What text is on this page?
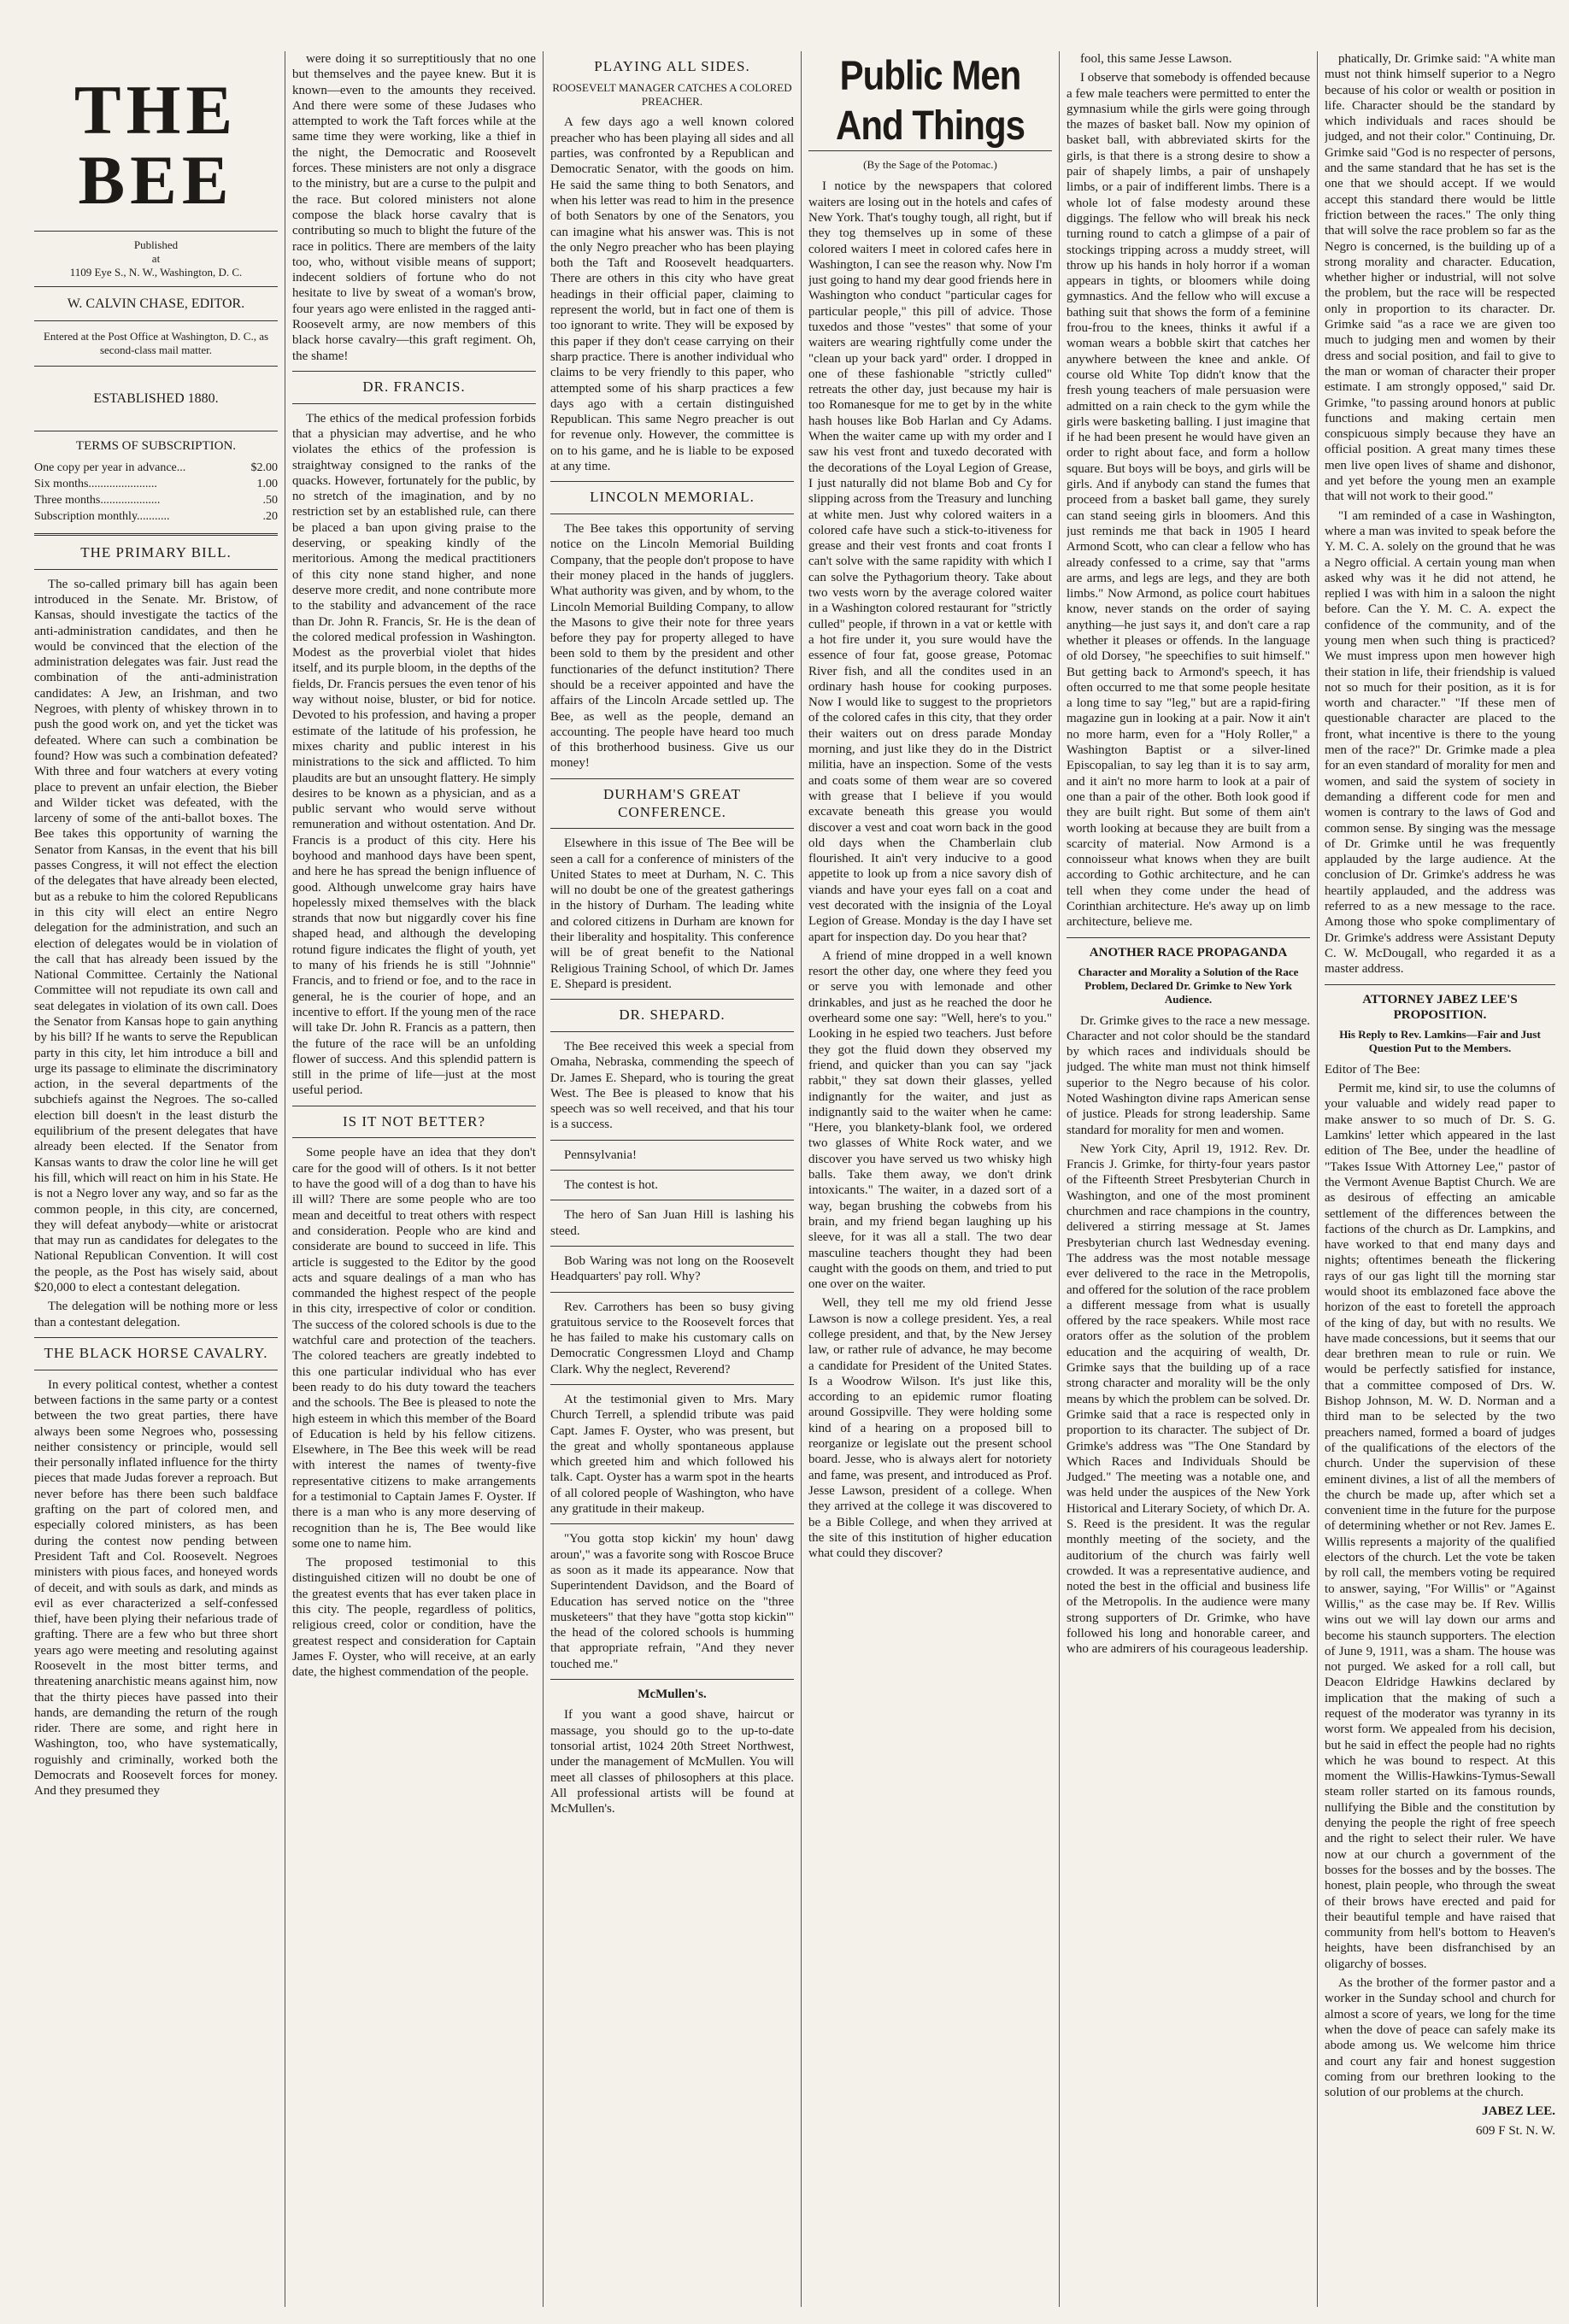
THE BEE
Published
at
1109 Eye S., N. W., Washington, D. C.
W. CALVIN CHASE, EDITOR.
Entered at the Post Office at Washington, D. C., as second-class mail matter.
ESTABLISHED 1880.
TERMS OF SUBSCRIPTION.
One copy per year in advance...	$2.00
Six months.......................	1.00
Three months....................	.50
Subscription monthly...........	.20
THE PRIMARY BILL.

The so-called primary bill has again been introduced in the Senate. Mr. Bristow, of Kansas, should investigate the tactics of the anti-administration candidates, and then he would be convinced that the election of the administration delegates was fair. Just read the combination of the anti-administration candidates: A Jew, an Irishman, and two Negroes, with plenty of whiskey thrown in to push the good work on, and yet the ticket was defeated. Where can such a combination be found? How was such a combination defeated? With three and four watchers at every voting place to prevent an unfair election, the Bieber and Wilder ticket was defeated, with the larceny of some of the anti-ballot boxes. The Bee takes this opportunity of warning the Senator from Kansas, in the event that his bill passes Congress, it will not effect the election of the delegates that have already been elected, but as a rebuke to him the colored Republicans in this city will elect an entire Negro delegation for the administration, and such an election of delegates would be in violation of the call that has already been issued by the National Committee. Certainly the National Committee will not repudiate its own call and seat delegates in violation of its own call. Does the Senator from Kansas hope to gain anything by his bill? If he wants to serve the Republican party in this city, let him introduce a bill and urge its passage to eliminate the discriminatory action, in the several departments of the subchiefs against the Negroes. The so-called election bill doesn't in the least disturb the equilibrium of the present delegates that have already been elected. If the Senator from Kansas wants to draw the color line he will get his fill, which will react on him in his State. He is not a Negro lover any way, and so far as the common people, in this city, are concerned, they will defeat anybody—white or aristocrat that may run as candidates for delegates to the National Republican Convention. It will cost the people, as the Post has wisely said, about $20,000 to elect a contestant delegation.

The delegation will be nothing more or less than a contestant delegation.

THE BLACK HORSE CAVALRY.

In every political contest, whether a contest between factions in the same party or a contest between the two great parties, there have always been some Negroes who, possessing neither consistency or principle, would sell their personally inflated influence for the thirty pieces that made Judas forever a reproach. But never before has there been such baldface grafting on the part of colored men, and especially colored ministers, as has been during the contest now pending between President Taft and Col. Roosevelt. Negroes ministers with pious faces, and honeyed words of deceit, and with souls as dark, and minds as evil as ever characterized a self-confessed thief, have been plying their nefarious trade of grafting. There are a few who but three short years ago were meeting and resoluting against Roosevelt in the most bitter terms, and threatening anarchistic means against him, now that the thirty pieces have passed into their hands, are demanding the return of the rough rider. There are some, and right here in Washington, too, who have systematically, roguishly and criminally, worked both the Democrats and Roosevelt forces for money. And they presumed they

were doing it so surreptitiously that no one but themselves and the payee knew. But it is known—even to the amounts they received. And there were some of these Judases who attempted to work the Taft forces while at the same time they were working, like a thief in the night, the Democratic and Roosevelt forces. These ministers are not only a disgrace to the ministry, but are a curse to the pulpit and the race. But colored ministers not alone compose the black horse cavalry that is contributing so much to blight the future of the race in politics. There are members of the laity too, who, without visible means of support; indecent soldiers of fortune who do not hesitate to live by sweat of a woman's brow, four years ago were enlisted in the ragged anti-Roosevelt army, are now members of this black horse cavalry—this graft regiment. Oh, the shame!

DR. FRANCIS.

The ethics of the medical profession forbids that a physician may advertise, and he who violates the ethics of the profession is straightway consigned to the ranks of the quacks. However, fortunately for the public, by no stretch of the imagination, and by no restriction set by an established rule, can there be placed a ban upon giving praise to the deserving, or speaking kindly of the meritorious. Among the medical practitioners of this city none stand higher, and none deserve more credit, and none contribute more to the stability and advancement of the race than Dr. John R. Francis, Sr. He is the dean of the colored medical profession in Washington. Modest as the proverbial violet that hides itself, and its purple bloom, in the depths of the fields, Dr. Francis persues the even tenor of his way without noise, bluster, or bid for notice. Devoted to his profession, and having a proper estimate of the latitude of his profession, he mixes charity and public interest in his ministrations to the sick and afflicted. To him plaudits are but an unsought flattery. He simply desires to be known as a physician, and as a public servant who would serve without remuneration and without ostentation. And Dr. Francis is a product of this city. Here his boyhood and manhood days have been spent, and here he has spread the benign influence of good. Although unwelcome gray hairs have hopelessly mixed themselves with the black strands that now but niggardly cover his fine shaped head, and although the developing rotund figure indicates the flight of youth, yet to many of his friends he is still "Johnnie" Francis, and to friend or foe, and to the race in general, he is the courier of hope, and an incentive to effort. If the young men of the race will take Dr. John R. Francis as a pattern, then the future of the race will be an unfolding flower of success. And this splendid pattern is still in the prime of life—just at the most useful period.

IS IT NOT BETTER?

Some people have an idea that they don't care for the good will of others. Is it not better to have the good will of a dog than to have his ill will? There are some people who are too mean and deceitful to treat others with respect and consideration. People who are kind and considerate are bound to succeed in life. This article is suggested to the Editor by the good acts and square dealings of a man who has commanded the highest respect of the people in this city, irrespective of color or condition. The success of the colored schools is due to the watchful care and protection of the teachers. The colored teachers are greatly indebted to this one particular individual who has ever been ready to do his duty toward the teachers and the schools. The Bee is pleased to note the high esteem in which this member of the Board of Education is held by his fellow citizens. Elsewhere, in The Bee this week will be read with interest the names of twenty-five representative citizens to make arrangements for a testimonial to Captain James F. Oyster. If there is a man who is any more deserving of recognition than he is, The Bee would like some one to name him.

The proposed testimonial to this distinguished citizen will no doubt be one of the greatest events that has ever taken place in this city. The people, regardless of politics, religious creed, color or condition, have the greatest respect and consideration for Captain James F. Oyster, who will receive, at an early date, the highest commendation of the people.

PLAYING ALL SIDES.
ROOSEVELT MANAGER CATCHES A COLORED PREACHER.

A few days ago a well known colored preacher who has been playing all sides and all parties, was confronted by a Republican and Democratic Senator, with the goods on him. He said the same thing to both Senators, and when his letter was read to him in the presence of both Senators by one of the Senators, you can imagine what his answer was. This is not the only Negro preacher who has been playing both the Taft and Roosevelt headquarters. There are others in this city who have great headings in their official paper, claiming to represent the world, but in fact one of them is too ignorant to write. They will be exposed by this paper if they don't cease carrying on their sharp practice. There is another individual who claims to be very friendly to this paper, who attempted some of his sharp practices a few days ago with a certain distinguished Republican. This same Negro preacher is out for revenue only. However, the committee is on to his game, and he is liable to be exposed at any time.

LINCOLN MEMORIAL.

The Bee takes this opportunity of serving notice on the Lincoln Memorial Building Company, that the people don't propose to have their money placed in the hands of jugglers. What authority was given, and by whom, to the Lincoln Memorial Building Company, to allow the Masons to give their note for three years before they pay for property alleged to have been sold to them by the president and other functionaries of the defunct institution? There should be a receiver appointed and have the affairs of the Lincoln Arcade settled up. The Bee, as well as the people, demand an accounting. The people have heard too much of this brotherhood business. Give us our money!

DURHAM'S GREAT CONFERENCE.

Elsewhere in this issue of The Bee will be seen a call for a conference of ministers of the United States to meet at Durham, N. C. This will no doubt be one of the greatest gatherings in the history of Durham. The leading white and colored citizens in Durham are known for their liberality and hospitality. This conference will be of great benefit to the National Religious Training School, of which Dr. James E. Shepard is president.

DR. SHEPARD.

The Bee received this week a special from Omaha, Nebraska, commending the speech of Dr. James E. Shepard, who is touring the great West. The Bee is pleased to know that his speech was so well received, and that his tour is a success.

Pennsylvania!

The contest is hot.

The hero of San Juan Hill is lashing his steed.

Bob Waring was not long on the Roosevelt Headquarters' pay roll. Why?

Rev. Carrothers has been so busy giving gratuitous service to the Roosevelt forces that he has failed to make his customary calls on Democratic Congressmen Lloyd and Champ Clark. Why the neglect, Reverend?

At the testimonial given to Mrs. Mary Church Terrell, a splendid tribute was paid Capt. James F. Oyster, who was present, but the great and wholly spontaneous applause which greeted him and which followed his talk. Capt. Oyster has a warm spot in the hearts of all colored people of Washington, who have any gratitude in their makeup.

"You gotta stop kickin' my houn' dawg aroun'," was a favorite song with Roscoe Bruce as soon as it made its appearance. Now that Superintendent Davidson, and the Board of Education has served notice on the "three musketeers" that they have "gotta stop kickin'" the head of the colored schools is humming that appropriate refrain, "And they never touched me."

McMullen's.

If you want a good shave, haircut or massage, you should go to the up-to-date tonsorial artist, 1024 20th Street Northwest, under the management of McMullen. You will meet all classes of philosophers at this place. All professional artists will be found at McMullen's.

Public Men And Things
(By the Sage of the Potomac.)

I notice by the newspapers that colored waiters are losing out in the hotels and cafes of New York. That's toughy tough, all right, but if they tog themselves up in some of these colored waiters I meet in colored cafes here in Washington, I can see the reason why. Now I'm just going to hand my dear good friends here in Washington who conduct "particular cages for particular people," this pill of advice. Those tuxedos and those "vestes" that some of your waiters are wearing rightfully come under the "clean up your back yard" order. I dropped in one of these fashionable "strictly culled" retreats the other day, just because my hair is too Romanesque for me to get by in the white hash houses like Bob Harlan and Cy Adams. When the waiter came up with my order and I saw his vest front and tuxedo decorated with the decorations of the Loyal Legion of Grease, I just naturally did not blame Bob and Cy for slipping across from the Treasury and lunching at white men. Just why colored waiters in a colored cafe have such a stick-to-itiveness for grease and their vest fronts and coat fronts I can't solve with the same rapidity with which I can solve the Pythagorium theory. Take about two vests worn by the average colored waiter in a Washington colored restaurant for "strictly culled" people, if thrown in a vat or kettle with a hot fire under it, you sure would have the essence of four fat, goose grease, Potomac River fish, and all the condites used in an ordinary hash house for cooking purposes. Now I would like to suggest to the proprietors of the colored cafes in this city, that they order their waiters out on dress parade Monday morning, and just like they do in the District militia, have an inspection. Some of the vests and coats some of them wear are so covered with grease that I believe if you would excavate beneath this grease you would discover a vest and coat worn back in the good old days when the Chamberlain club flourished. It ain't very inducive to a good appetite to look up from a nice savory dish of viands and have your eyes fall on a coat and vest decorated with the insignia of the Loyal Legion of Grease. Monday is the day I have set apart for inspection day. Do you hear that?

A friend of mine dropped in a well known resort the other day, one where they feed you or serve you with lemonade and other drinkables, and just as he reached the door he overheard some one say: "Well, here's to you." Looking in he espied two teachers. Just before they got the fluid down they observed my friend, and quicker than you can say "jack rabbit," they sat down their glasses, yelled indignantly for the waiter, and just as indignantly said to the waiter when he came: "Here, you blankety-blank fool, we ordered two glasses of White Rock water, and we discover you have served us two whisky high balls. Take them away, we don't drink intoxicants." The waiter, in a dazed sort of a way, began brushing the cobwebs from his brain, and my friend began laughing up his sleeve, for it was all a stall. The two dear masculine teachers thought they had been caught with the goods on them, and tried to put one over on the waiter.

Well, they tell me my old friend Jesse Lawson is now a college president. Yes, a real college president, and that, by the New Jersey law, or rather rule of advance, he may become a candidate for President of the United States. Is a Woodrow Wilson. It's just like this, according to an epidemic rumor floating around Gossipville. They were holding some kind of a hearing on a proposed bill to reorganize or legislate out the present school board. Jesse, who is always alert for notoriety and fame, was present, and introduced as Prof. Jesse Lawson, president of a college. When they arrived at the college it was discovered to be a Bible College, and when they arrived at the site of this institution of higher education what could they discover?

fool, this same Jesse Lawson.

I observe that somebody is offended because a few male teachers were permitted to enter the gymnasium while the girls were going through the mazes of basket ball. Now my opinion of basket ball, with abbreviated skirts for the girls, is that there is a strong desire to show a pair of shapely limbs, a pair of unshapely limbs, or a pair of indifferent limbs. There is a whole lot of false modesty around these diggings. The fellow who will break his neck turning round to catch a glimpse of a pair of stockings tripping across a muddy street, will throw up his hands in holy horror if a woman appears in tights, or bloomers while doing gymnastics. And the fellow who will excuse a bathing suit that shows the form of a feminine frou-frou to the knees, thinks it awful if a woman wears a bobble skirt that catches her anywhere between the knee and ankle. Of course old White Top didn't know that the fresh young teachers of male persuasion were admitted on a rain check to the gym while the girls were basketing balling. I just imagine that if he had been present he would have given an order to right about face, and form a hollow square. But boys will be boys, and girls will be girls. And if anybody can stand the fumes that proceed from a basket ball game, they surely can stand seeing girls in bloomers. And this just reminds me that back in 1905 I heard Armond Scott, who can clear a fellow who has already confessed to a crime, say that "arms are arms, and legs are legs, and they are both limbs." Now Armond, as police court habitues know, never stands on the order of saying anything—he just says it, and don't care a rap whether it pleases or offends. In the language of old Dorsey, "he speechifies to suit himself." But getting back to Armond's speech, it has often occurred to me that some people hesitate a long time to say "leg," but are a rapid-firing magazine gun in looking at a pair. Now it ain't no more harm, even for a "Holy Roller," a Washington Baptist or a silver-lined Episcopalian, to say leg than it is to say arm, and it ain't no more harm to look at a pair of one than a pair of the other. Both look good if they are built right. But some of them ain't worth looking at because they are built from a scarcity of material. Now Armond is a connoisseur what knows when they are built according to Gothic architecture, and he can tell when they come under the head of Corinthian architecture. He's away up on limb architecture, believe me.

ANOTHER RACE PROPAGANDA
Character and Morality a Solution of the Race Problem, Declared Dr. Grimke to New York Audience.

Dr. Grimke gives to the race a new message. Character and not color should be the standard by which races and individuals should be judged. The white man must not think himself superior to the Negro because of his color. Noted Washington divine raps American sense of justice. Pleads for strong leadership. Same standard for morality for men and women.

New York City, April 19, 1912. Rev. Dr. Francis J. Grimke, for thirty-four years pastor of the Fifteenth Street Presbyterian Church in Washington, and one of the most prominent churchmen and race champions in the country, delivered a stirring message at St. James Presbyterian church last Wednesday evening. The address was the most notable message ever delivered to the race in the Metropolis, and offered for the solution of the race problem a different message from what is usually offered by the race speakers. While most race orators offer as the solution of the problem education and the acquiring of wealth, Dr. Grimke says that the building up of a race strong character and morality will be the only means by which the problem can be solved. Dr. Grimke said that a race is respected only in proportion to its character. The subject of Dr. Grimke's address was "The One Standard by Which Races and Individuals Should be Judged." The meeting was a notable one, and was held under the auspices of the New York Historical and Literary Society, of which Dr. A. S. Reed is the president. It was the regular monthly meeting of the society, and the auditorium of the church was fairly well crowded. It was a representative audience, and noted the best in the official and business life of the Metropolis. In the audience were many strong supporters of Dr. Grimke, who have followed his long and honorable career, and who are admirers of his courageous leadership.

phatically, Dr. Grimke said: "A white man must not think himself superior to a Negro because of his color or wealth or position in life. Character should be the standard by which individuals and races should be judged, and not their color." Continuing, Dr. Grimke said "God is no respecter of persons, and the same standard that he has set is the one that we should accept. If we would accept this standard there would be little friction between the races." The only thing that will solve the race problem so far as the Negro is concerned, is the building up of a strong morality and character. Education, whether higher or industrial, will not solve the problem, but the race will be respected only in proportion to its character. Dr. Grimke said "as a race we are given too much to judging men and women by their dress and social position, and fail to give to the man or woman of character their proper estimate. I am strongly opposed," said Dr. Grimke, "to passing around honors at public functions and making certain men conspicuous simply because they have an official position. A great many times these men live open lives of shame and dishonor, and yet before the young men an example that will not work to their good."

"I am reminded of a case in Washington, where a man was invited to speak before the Y. M. C. A. solely on the ground that he was a Negro official. A certain young man when asked why was it he did not attend, he replied I was with him in a saloon the night before. Can the Y. M. C. A. expect the confidence of the community, and of the young men when such thing is practiced? We must impress upon men however high their station in life, their friendship is valued not so much for their position, as it is for worth and character." "If these men of questionable character are placed to the front, what incentive is there to the young men of the race?" Dr. Grimke made a plea for an even standard of morality for men and women, and said the system of society in demanding a different code for men and women is contrary to the laws of God and common sense. By singing was the message of Dr. Grimke until he was frequently applauded by the large audience. At the conclusion of Dr. Grimke's address he was heartily applauded, and the address was referred to as a new message to the race. Among those who spoke complimentary of Dr. Grimke's address were Assistant Deputy C. W. McDougall, who regarded it as a master address.

ATTORNEY JABEZ LEE'S PROPOSITION.
His Reply to Rev. Lamkins—Fair and Just Question Put to the Members.

Editor of The Bee:

Permit me, kind sir, to use the columns of your valuable and widely read paper to make answer to so much of Dr. S. G. Lamkins' letter which appeared in the last edition of The Bee, under the headline of "Takes Issue With Attorney Lee," pastor of the Vermont Avenue Baptist Church. We are as desirous of effecting an amicable settlement of the differences between the factions of the church as Dr. Lampkins, and have worked to that end many days and nights; oftentimes beneath the flickering rays of our gas light till the morning star would shoot its emblazoned face above the horizon of the east to foretell the approach of the king of day, but with no results. We have made concessions, but it seems that our dear brethren mean to rule or ruin. We would be perfectly satisfied for instance, that a committee composed of Drs. W. Bishop Johnson, M. W. D. Norman and a third man to be selected by the two preachers named, formed a board of judges of the qualifications of the electors of the church. Under the supervision of these eminent divines, a list of all the members of the church be made up, after which set a convenient time in the future for the purpose of determining whether or not Rev. James E. Willis represents a majority of the qualified electors of the church. Let the vote be taken by roll call, the members voting be required to answer, saying, "For Willis" or "Against Willis," as the case may be. If Rev. Willis wins out we will lay down our arms and become his staunch supporters. The election of June 9, 1911, was a sham. The house was not purged. We asked for a roll call, but Deacon Eldridge Hawkins declared by implication that the making of such a request of the moderator was tyranny in its worst form. We appealed from his decision, but he said in effect the people had no rights which he was bound to respect. At this moment the Willis-Hawkins-Tymus-Sewall steam roller started on its famous rounds, nullifying the Bible and the constitution by denying the people the right of free speech and the right to select their ruler. We have now at our church a government of the bosses for the bosses and by the bosses. The honest, plain people, who through the sweat of their brows have erected and paid for their beautiful temple and have raised that community from hell's bottom to Heaven's heights, have been disfranchised by an oligarchy of bosses.

As the brother of the former pastor and a worker in the Sunday school and church for almost a score of years, we long for the time when the dove of peace can safely make its abode among us. We welcome him thrice and court any fair and honest suggestion coming from our brethren looking to the solution of our problems at the church.

JABEZ LEE.

609 F St. N. W.
